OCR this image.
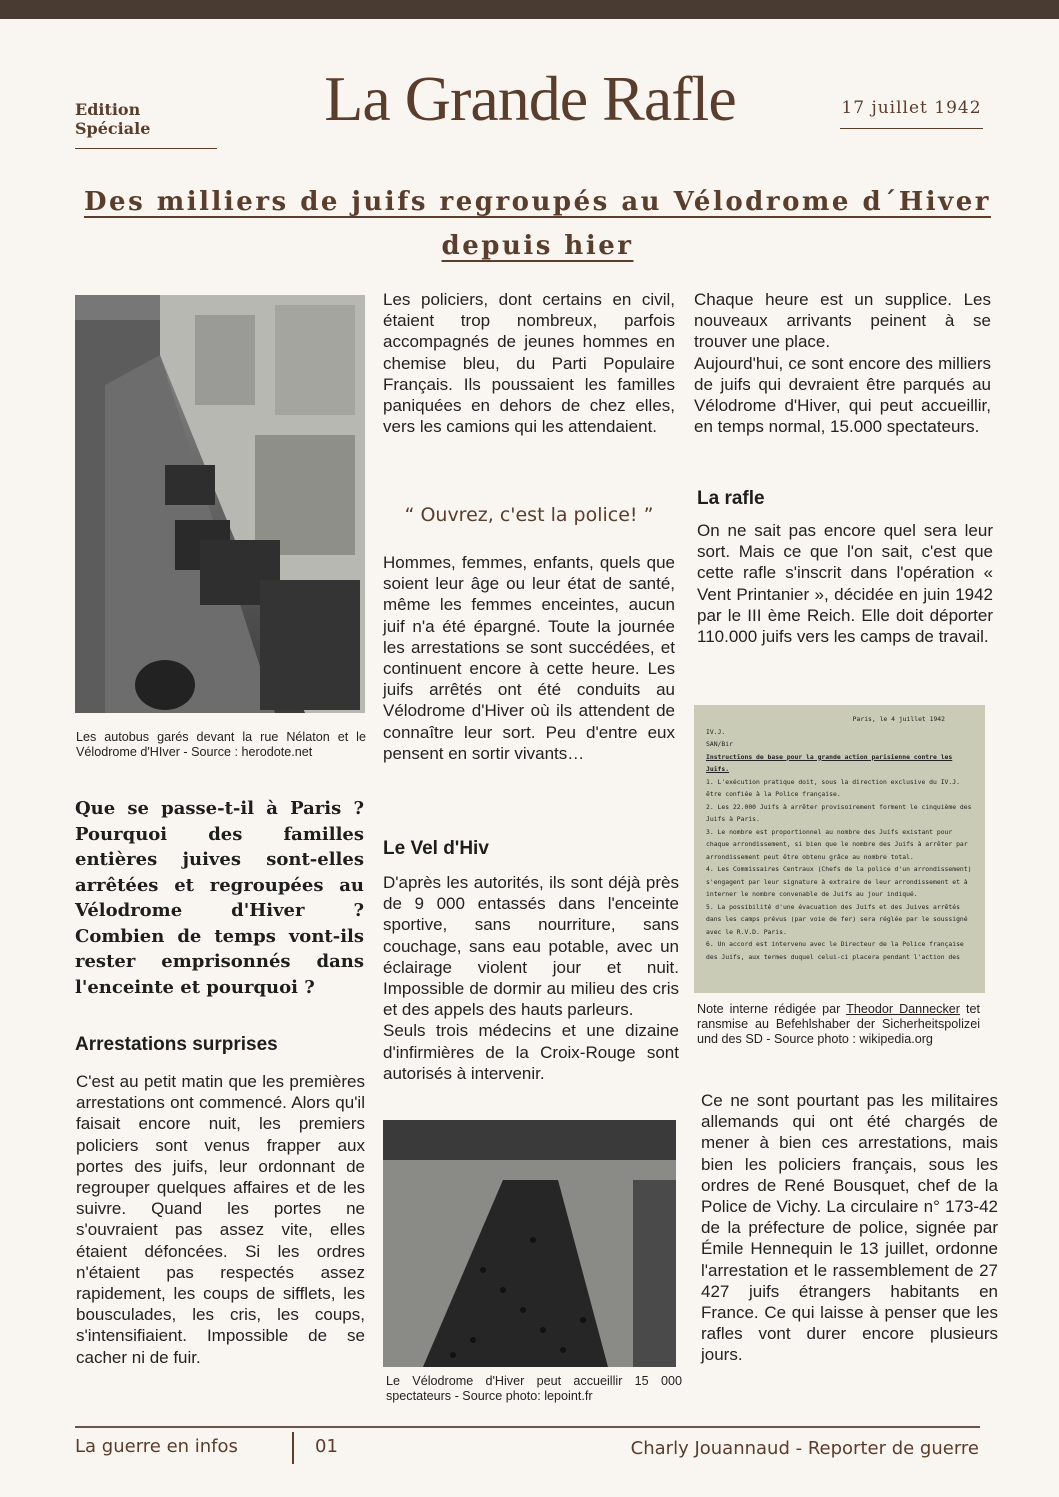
Edition Spéciale	La Grande Rafle	17 juillet 1942
Des milliers de juifs regroupés au Vélodrome d´Hiver depuis hier
Les autobus garés devant la rue Nélaton et le Vélodrome d'HIver - Source : herodote.net
Que se passe-t-il à Paris ? Pourquoi des familles entières juives sont-elles arrêtées et regroupées au Vélodrome d'Hiver ? Combien de temps vont-ils rester emprisonnés dans l'enceinte et pourquoi ?
Arrestations surprises

C'est au petit matin que les premières arrestations ont commencé. Alors qu'il faisait encore nuit, les premiers policiers sont venus frapper aux portes des juifs, leur ordonnant de regrouper quelques affaires et de les suivre. Quand les portes ne s'ouvraient pas assez vite, elles étaient défoncées. Si les ordres n'étaient pas respectés assez rapidement, les coups de sifflets, les bousculades, les cris, les coups, s'intensifiaient. Impossible de se cacher ni de fuir.

Les policiers, dont certains en civil, étaient trop nombreux, parfois accompagnés de jeunes hommes en chemise bleu, du Parti Populaire Français. Ils poussaient les familles paniquées en dehors de chez elles, vers les camions qui les attendaient.

“ Ouvrez, c'est la police! ”

Hommes, femmes, enfants, quels que soient leur âge ou leur état de santé, même les femmes enceintes, aucun juif n'a été épargné. Toute la journée les arrestations se sont succédées, et continuent encore à cette heure. Les juifs arrêtés ont été conduits au Vélodrome d'Hiver où ils attendent de connaître leur sort. Peu d'entre eux pensent en sortir vivants…

Le Vel d'Hiv

D'après les autorités, ils sont déjà près de 9 000 entassés dans l'enceinte sportive, sans nourriture, sans couchage, sans eau potable, avec un éclairage violent jour et nuit. Impossible de dormir au milieu des cris et des appels des hauts parleurs.

Seuls trois médecins et une dizaine d'infirmières de la Croix-Rouge sont autorisés à intervenir.

Le Vélodrome d'Hiver peut accueillir 15 000 spectateurs - Source photo: lepoint.fr

Chaque heure est un supplice. Les nouveaux arrivants peinent à se trouver une place.

Aujourd'hui, ce sont encore des milliers de juifs qui devraient être parqués au Vélodrome d'Hiver, qui peut accueillir, en temps normal, 15.000 spectateurs.

La rafle

On ne sait pas encore quel sera leur sort. Mais ce que l'on sait, c'est que cette rafle s'inscrit dans l'opération « Vent Printanier », décidée en juin 1942 par le III ème Reich. Elle doit déporter 110.000 juifs vers les camps de travail.

Paris, le 4 juillet 1942
IV.J.
SAN/Bir
Instructions de base pour la grande action parisienne contre les Juifs.
1. L'exécution pratique doit, sous la direction exclusive du IV.J. être confiée à la Police française.
2. Les 22.000 Juifs à arrêter provisoirement forment le cinquième des Juifs à Paris.
3. Le nombre est proportionnel au nombre des Juifs existant pour chaque arrondissement, si bien que le nombre des Juifs à arrêter par arrondissement peut être obtenu grâce au nombre total.
4. Les Commissaires Centraux (Chefs de la police d'un arrondissement) s'engagent par leur signature à extraire de leur arrondissement et à interner le nombre convenable de Juifs au jour indiqué.
5. La possibilité d'une évacuation des Juifs et des Juives arrêtés dans les camps prévus (par voie de fer) sera réglée par le soussigné avec le R.V.D. Paris.
6. Un accord est intervenu avec le Directeur de la Police française des Juifs, aux termes duquel celui-ci placera pendant l'action des
Note interne rédigée par Theodor Dannecker tet ransmise au Befehlshaber der Sicherheitspolizei und des SD - Source photo : wikipedia.org

Ce ne sont pourtant pas les militaires allemands qui ont été chargés de mener à bien ces arrestations, mais bien les policiers français, sous les ordres de René Bousquet, chef de la Police de Vichy. La circulaire n° 173-42 de la préfecture de police, signée par Émile Hennequin le 13 juillet, ordonne l'arrestation et le rassemblement de 27 427 juifs étrangers habitants en France. Ce qui laisse à penser que les rafles vont durer encore plusieurs jours.

La guerre en infos	01	Charly Jouannaud - Reporter de guerre
